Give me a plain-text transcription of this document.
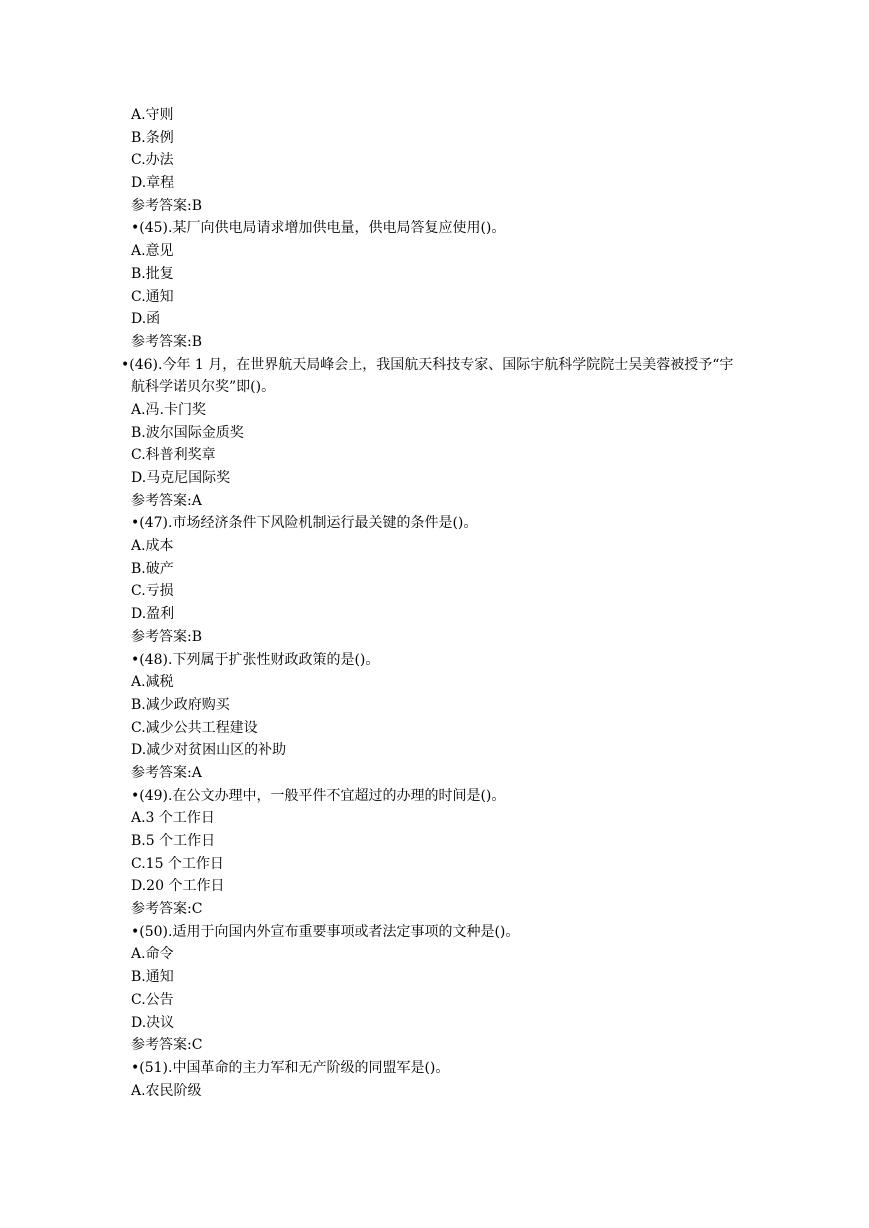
A.守则
B.条例
C.办法
D.章程
参考答案:B
•(45).某厂向供电局请求增加供电量，供电局答复应使用()。
A.意见
B.批复
C.通知
D.函
参考答案:B
•(46).今年 1 月，在世界航天局峰会上，我国航天科技专家、国际宇航科学院院士吴美蓉被授予“宇航科学诺贝尔奖”即()。
A.冯.卡门奖
B.波尔国际金质奖
C.科普利奖章
D.马克尼国际奖
参考答案:A
•(47).市场经济条件下风险机制运行最关键的条件是()。
A.成本
B.破产
C.亏损
D.盈利
参考答案:B
•(48).下列属于扩张性财政政策的是()。
A.减税
B.减少政府购买
C.减少公共工程建设
D.减少对贫困山区的补助
参考答案:A
•(49).在公文办理中，一般平件不宜超过的办理的时间是()。
A.3 个工作日
B.5 个工作日
C.15 个工作日
D.20 个工作日
参考答案:C
•(50).适用于向国内外宣布重要事项或者法定事项的文种是()。
A.命令
B.通知
C.公告
D.决议
参考答案:C
•(51).中国革命的主力军和无产阶级的同盟军是()。
A.农民阶级
